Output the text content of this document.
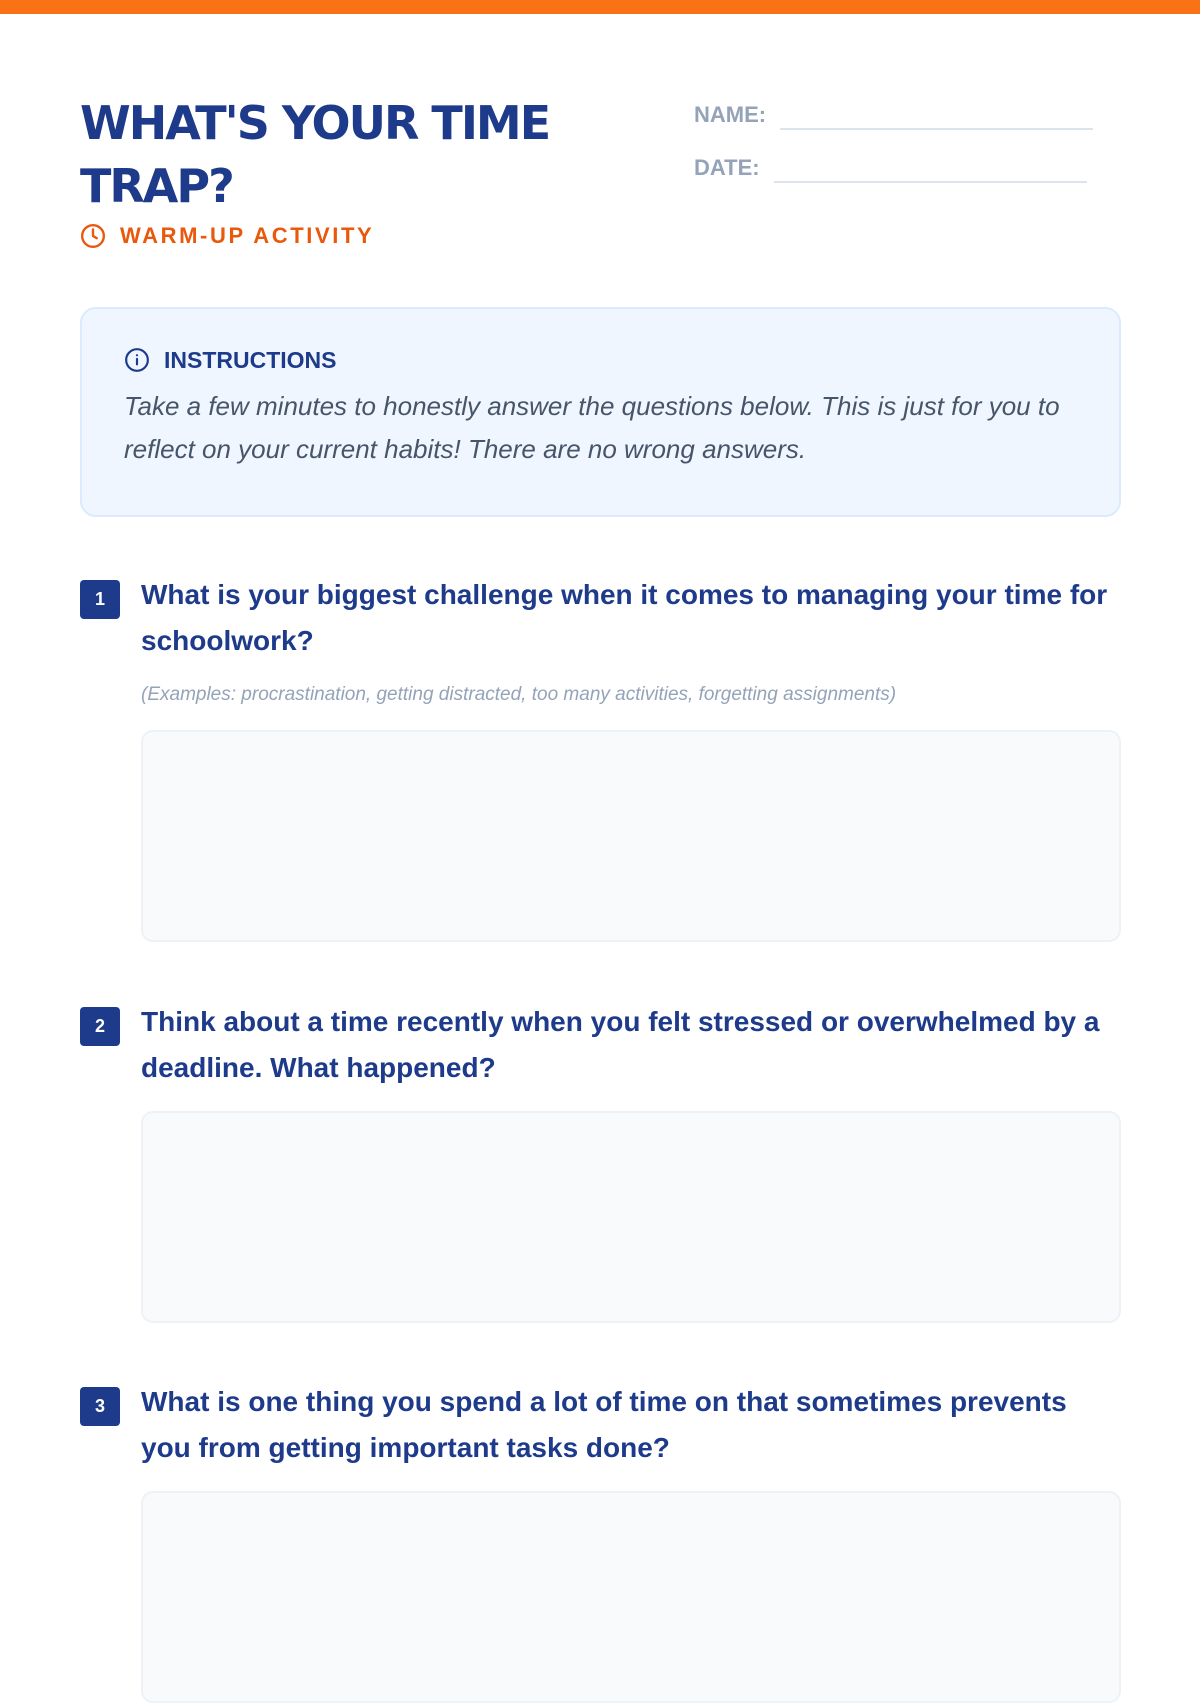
WHAT'S YOUR TIME TRAP?
WARM-UP ACTIVITY
NAME:
DATE:
INSTRUCTIONS

Take a few minutes to honestly answer the questions below. This is just for you to reflect on your current habits! There are no wrong answers.

1	What is your biggest challenge when it comes to managing your time for schoolwork?
(Examples: procrastination, getting distracted, too many activities, forgetting assignments)
2	Think about a time recently when you felt stressed or overwhelmed by a deadline. What happened?
3	What is one thing you spend a lot of time on that sometimes prevents you from getting important tasks done?
